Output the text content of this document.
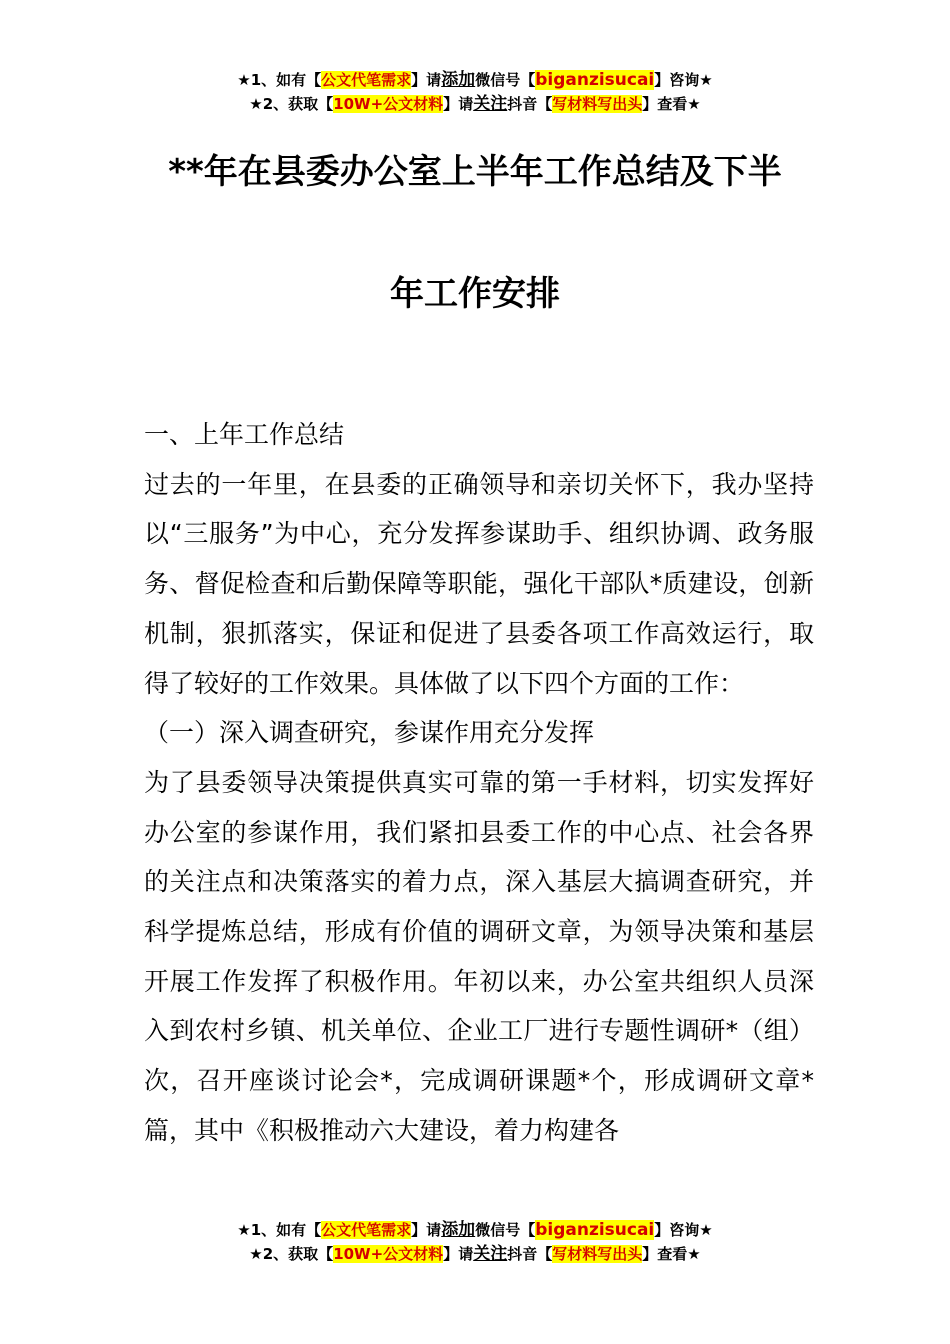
★1、如有【公文代笔需求】请添加微信号【biganzisucai】咨询★
★2、获取【10W+公文材料】请关注抖音【写材料写出头】查看★
**年在县委办公室上半年工作总结及下半
年工作安排

一、上年工作总结

过去的一年里，在县委的正确领导和亲切关怀下，我办坚持以“三服务”为中心，充分发挥参谋助手、组织协调、政务服务、督促检查和后勤保障等职能，强化干部队*质建设，创新机制，狠抓落实，保证和促进了县委各项工作高效运行，取得了较好的工作效果。具体做了以下四个方面的工作：

（一）深入调查研究，参谋作用充分发挥

为了县委领导决策提供真实可靠的第一手材料，切实发挥好办公室的参谋作用，我们紧扣县委工作的中心点、社会各界的关注点和决策落实的着力点，深入基层大搞调查研究，并科学提炼总结，形成有价值的调研文章，为领导决策和基层开展工作发挥了积极作用。年初以来，办公室共组织人员深入到农村乡镇、机关单位、企业工厂进行专题性调研*（组）次，召开座谈讨论会*，完成调研课题*个，形成调研文章*篇，其中《积极推动六大建设，着力构建各

★1、如有【公文代笔需求】请添加微信号【biganzisucai】咨询★
★2、获取【10W+公文材料】请关注抖音【写材料写出头】查看★
